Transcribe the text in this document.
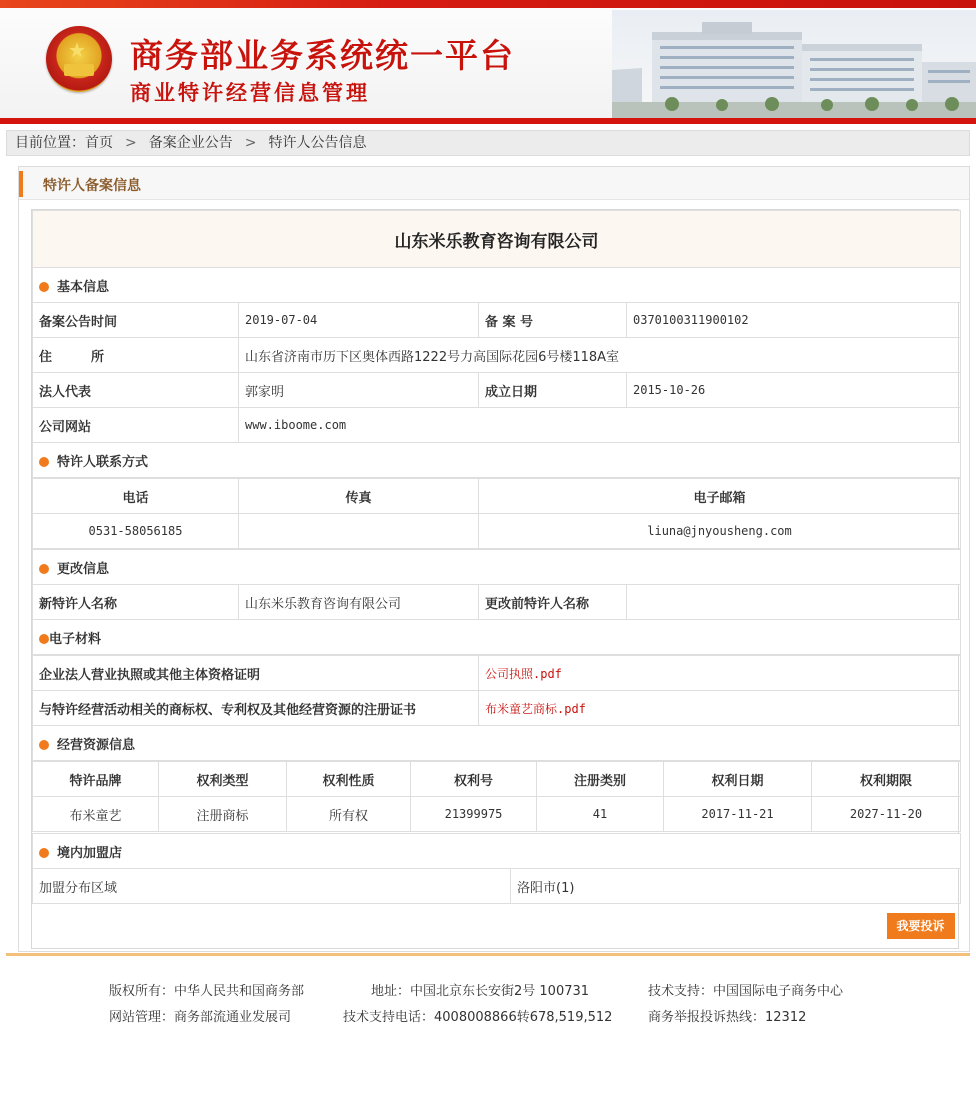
★ 商务部业务系统统一平台
商业特许经营信息管理
目前位置：首页 > 备案企业公告 > 特许人公告信息
特许人备案信息
山东米乐教育咨询有限公司			
基本信息			
备案公告时间	2019-07-04	备 案 号	0370100311900102
住　　　所	山东省济南市历下区奥体西路1222号力高国际花园6号楼118A室		
法人代表	郭家明	成立日期	2015-10-26
公司网站	www.iboome.com		
特许人联系方式			
电话	传真	电子邮箱
0531-58056185		liuna@jnyousheng.com
更改信息
新特许人名称	山东米乐教育咨询有限公司	更改前特许人名称	
电子材料
企业法人营业执照或其他主体资格证明	公司执照.pdf
与特许经营活动相关的商标权、专利权及其他经营资源的注册证书	布米童艺商标.pdf
经营资源信息	
特许品牌	权利类型	权利性质	权利号	注册类别	权利日期	权利期限
布米童艺	注册商标	所有权	21399975	41	2017-11-21	2027-11-20
境内加盟店
加盟分布区域	洛阳市(1)
我要投诉
版权所有：中华人民共和国商务部	地址：中国北京东长安街2号 100731	技术支持：中国国际电子商务中心
网站管理：商务部流通业发展司	技术支持电话：4008008866转678,519,512	商务举报投诉热线：12312
